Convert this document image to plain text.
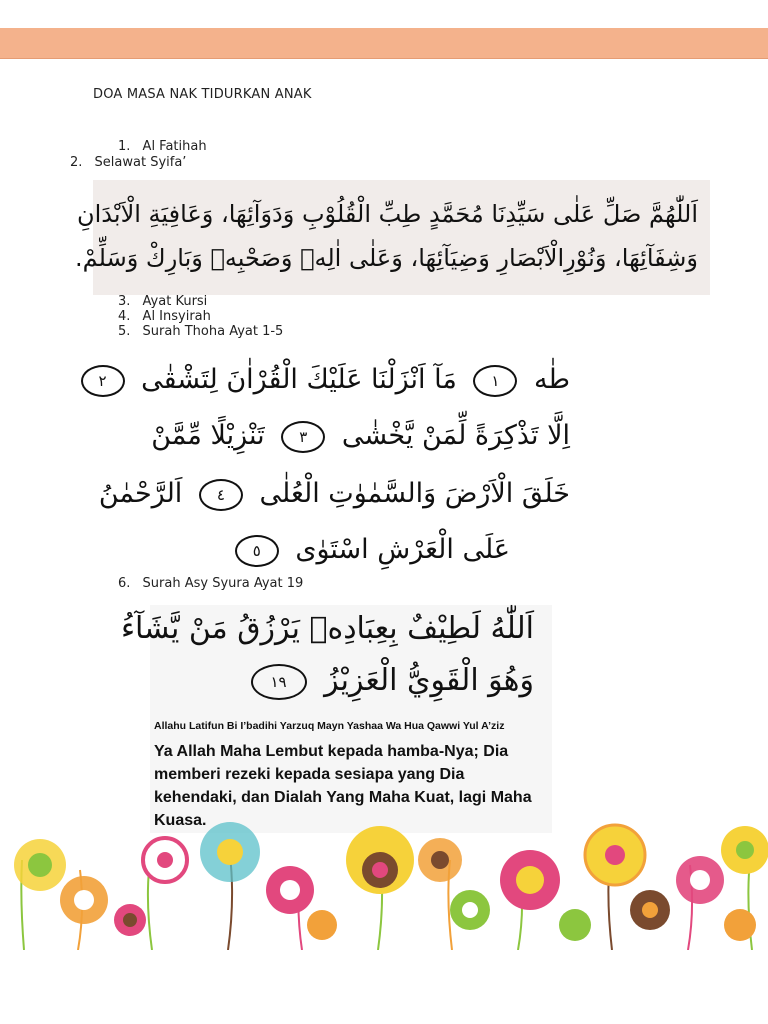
DOA MASA NAK TIDURKAN ANAK
1. Al Fatihah
2. Selawat Syifa’
اَللّٰهُمَّ صَلِّ عَلٰى سَيِّدِنَا مُحَمَّدٍ طِبِّ الْقُلُوْبِ وَدَوَآئِهَا، وَعَافِيَةِ الْاَبْدَانِ
وَشِفَآئِهَا، وَنُوْرِالْاَبْصَارِ وَضِيَآئِهَا، وَعَلٰى اٰلِهٖ وَصَحْبِهٖ وَبَارِكْ وَسَلِّمْ.
3. Ayat Kursi
4. Al Insyirah
5. Surah Thoha Ayat 1-5
طٰه ١ مَآ اَنْزَلْنَا عَلَيْكَ الْقُرْاٰنَ لِتَشْقٰى ٢
اِلَّا تَذْكِرَةً لِّمَنْ يَّخْشٰى ٣ تَنْزِيْلًا مِّمَّنْ
خَلَقَ الْاَرْضَ وَالسَّمٰوٰتِ الْعُلٰى ٤ اَلرَّحْمٰنُ
عَلَى الْعَرْشِ اسْتَوٰى ٥
6. Surah Asy Syura Ayat 19
اَللّٰهُ لَطِيْفٌ بِعِبَادِهٖ يَرْزُقُ مَنْ يَّشَآءُ
وَهُوَ الْقَوِيُّ الْعَزِيْزُ ١٩
Allahu Latifun Bi I’badihi Yarzuq Mayn Yashaa Wa Hua Qawwi Yul A’ziz
Ya Allah Maha Lembut kepada hamba-Nya; Dia memberi rezeki kepada sesiapa yang Dia kehendaki, dan Dialah Yang Maha Kuat, lagi Maha Kuasa.
